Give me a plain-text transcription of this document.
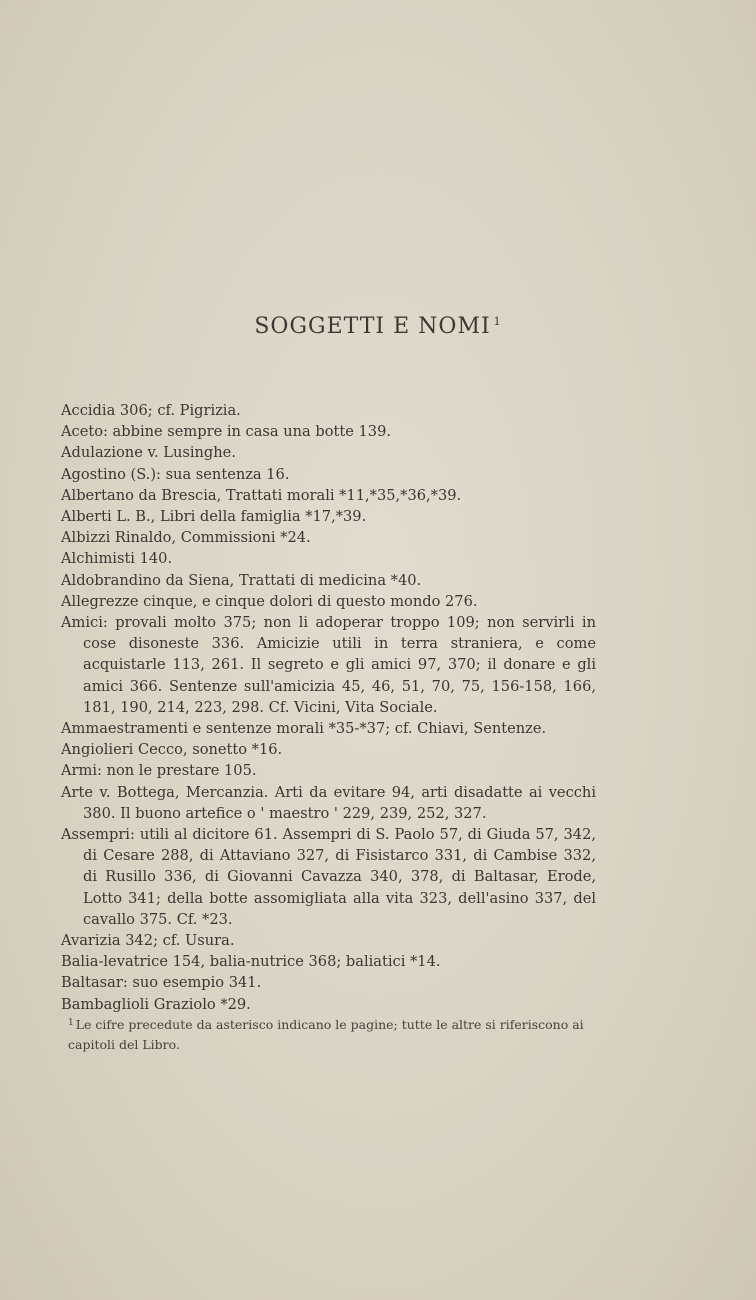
SOGGETTI E NOMI $^1$
Accidia 306; cf. Pigrizia.
Aceto: abbine sempre in casa una botte 139.
Adulazione v. Lusinghe.
Agostino (S.): sua sentenza 16.
Albertano da Brescia, Trattati morali *11,*35,*36,*39.
Alberti L. B., Libri della famiglia *17,*39.
Albizzi Rinaldo, Commissioni *24.
Alchimisti 140.
Aldobrandino da Siena, Trattati di medicina *40.
Allegrezze cinque, e cinque dolori di questo mondo 276.
Amici: provali molto 375; non li adoperar troppo 109; non servirli in cose disoneste 336. Amicizie utili in terra straniera, e come acquistarle 113, 261. Il segreto e gli amici 97, 370; il donare e gli amici 366. Sentenze sull'amicizia 45, 46, 51, 70, 75, 156-158, 166, 181, 190, 214, 223, 298. Cf. Vicini, Vita Sociale.
Ammaestramenti e sentenze morali *35-*37; cf. Chiavi, Sentenze.
Angiolieri Cecco, sonetto *16.
Armi: non le prestare 105.
Arte v. Bottega, Mercanzia. Arti da evitare 94, arti disadatte ai vecchi 380. Il buono artefice o ' maestro ' 229, 239, 252, 327.
Assempri: utili al dicitore 61. Assempri di S. Paolo 57, di Giuda 57, 342, di Cesare 288, di Attaviano 327, di Fisistarco 331, di Cambise 332, di Rusillo 336, di Giovanni Cavazza 340, 378, di Baltasar, Erode, Lotto 341; della botte assomigliata alla vita 323, dell'asino 337, del cavallo 375. Cf. *23.
Avarizia 342; cf. Usura.
Balia-levatrice 154, balia-nutrice 368; baliatici *14.
Baltasar: suo esempio 341.
Bambaglioli Graziolo *29.
$^1$ Le cifre precedute da asterisco indicano le pagine; tutte le altre si riferiscono ai capitoli del Libro.
